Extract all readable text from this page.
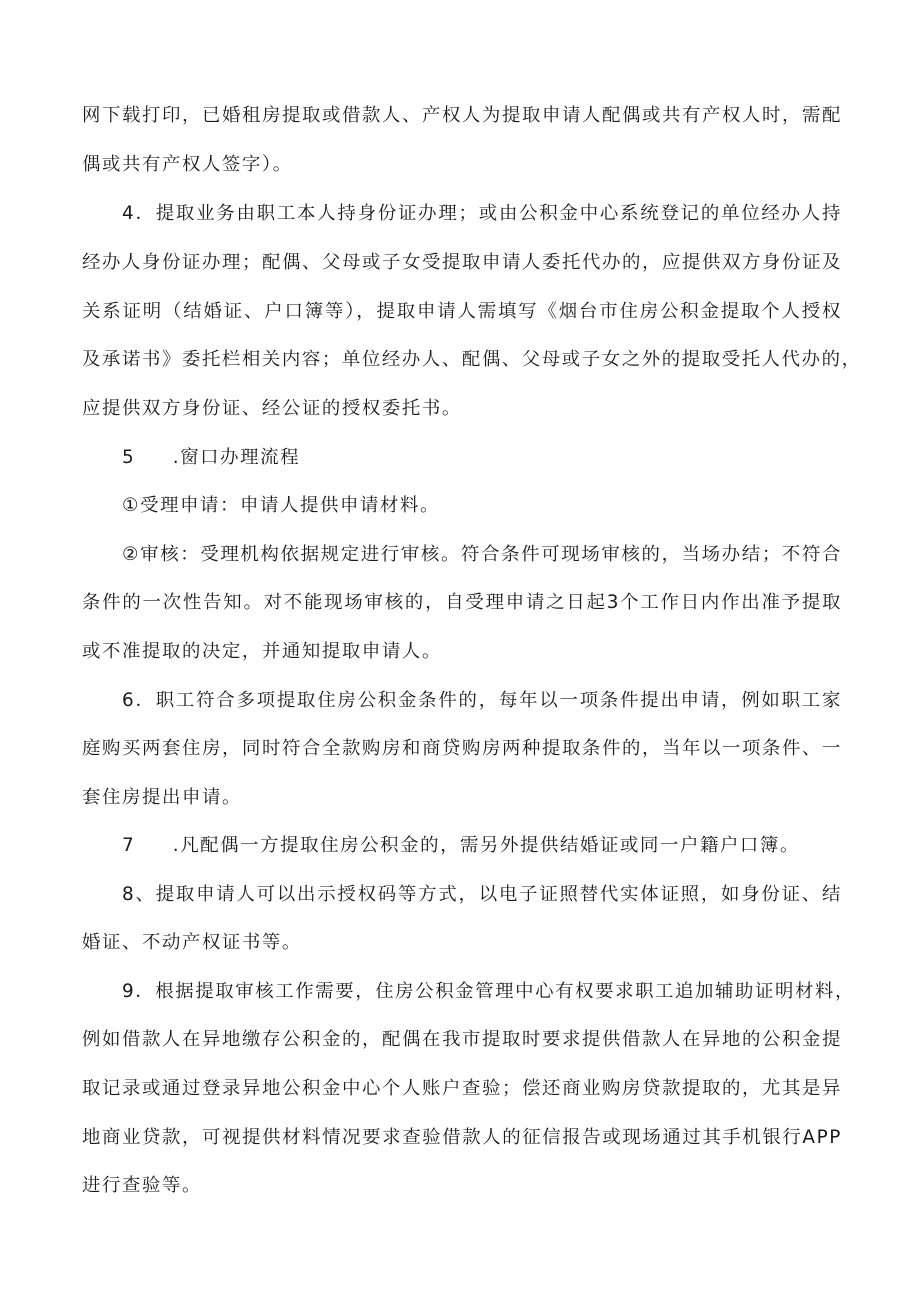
网下载打印，已婚租房提取或借款人、产权人为提取申请人配偶或共有产权人时，需配
偶或共有产权人签字）。
4．提取业务由职工本人持身份证办理；或由公积金中心系统登记的单位经办人持
经办人身份证办理；配偶、父母或子女受提取申请人委托代办的，应提供双方身份证及
关系证明（结婚证、户口簿等），提取申请人需填写《烟台市住房公积金提取个人授权
及承诺书》委托栏相关内容；单位经办人、配偶、父母或子女之外的提取受托人代办的，
应提供双方身份证、经公证的授权委托书。
5 .窗口办理流程
①受理申请：申请人提供申请材料。
②审核：受理机构依据规定进行审核。符合条件可现场审核的，当场办结；不符合
条件的一次性告知。对不能现场审核的，自受理申请之日起3个工作日内作出准予提取
或不准提取的决定，并通知提取申请人。
6．职工符合多项提取住房公积金条件的，每年以一项条件提出申请，例如职工家
庭购买两套住房，同时符合全款购房和商贷购房两种提取条件的，当年以一项条件、一
套住房提出申请。
7 .凡配偶一方提取住房公积金的，需另外提供结婚证或同一户籍户口簿。
8、提取申请人可以出示授权码等方式，以电子证照替代实体证照，如身份证、结
婚证、不动产权证书等。
9．根据提取审核工作需要，住房公积金管理中心有权要求职工追加辅助证明材料，
例如借款人在异地缴存公积金的，配偶在我市提取时要求提供借款人在异地的公积金提
取记录或通过登录异地公积金中心个人账户查验；偿还商业购房贷款提取的，尤其是异
地商业贷款，可视提供材料情况要求查验借款人的征信报告或现场通过其手机银行APP
进行查验等。
